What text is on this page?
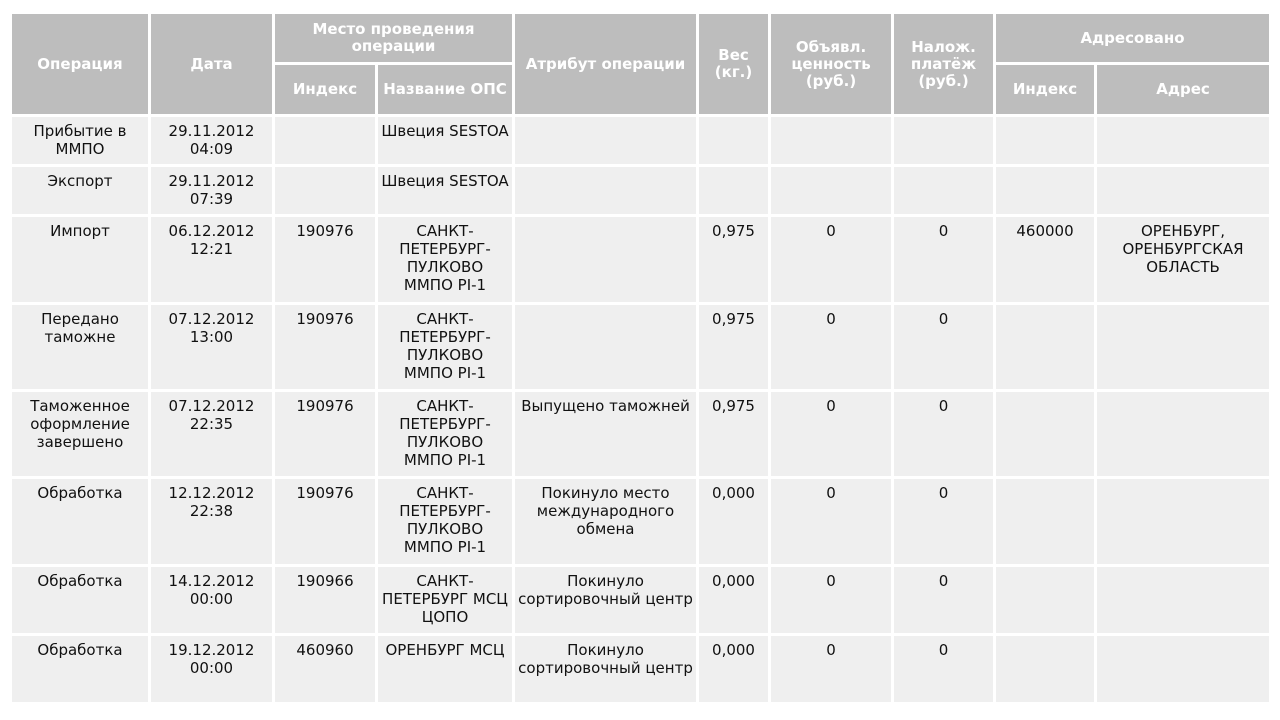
Операция	Дата	Место проведения операции		Атрибут операции	Вес (кг.)	Объявл. ценность (руб.)	Налож. платёж (руб.)	Адресовано	
		Индекс	Название ОПС					Индекс	Адрес
Прибытие в ММПО	29.11.2012 04:09		Швеция SESTOA						
Экспорт	29.11.2012 07:39		Швеция SESTOA						
Импорт	06.12.2012 12:21	190976	САНКТ-ПЕТЕРБУРГ-ПУЛКОВО ММПО PI-1		0,975	0	0	460000	ОРЕНБУРГ, ОРЕНБУРГСКАЯ ОБЛАСТЬ
Передано таможне	07.12.2012 13:00	190976	САНКТ-ПЕТЕРБУРГ-ПУЛКОВО ММПО PI-1		0,975	0	0		
Таможенное оформление завершено	07.12.2012 22:35	190976	САНКТ-ПЕТЕРБУРГ-ПУЛКОВО ММПО PI-1	Выпущено таможней	0,975	0	0		
Обработка	12.12.2012 22:38	190976	САНКТ-ПЕТЕРБУРГ-ПУЛКОВО ММПО PI-1	Покинуло место международного обмена	0,000	0	0		
Обработка	14.12.2012 00:00	190966	САНКТ-ПЕТЕРБУРГ МСЦ ЦОПО	Покинуло сортировочный центр	0,000	0	0		
Обработка	19.12.2012 00:00	460960	ОРЕНБУРГ МСЦ	Покинуло сортировочный центр	0,000	0	0		
